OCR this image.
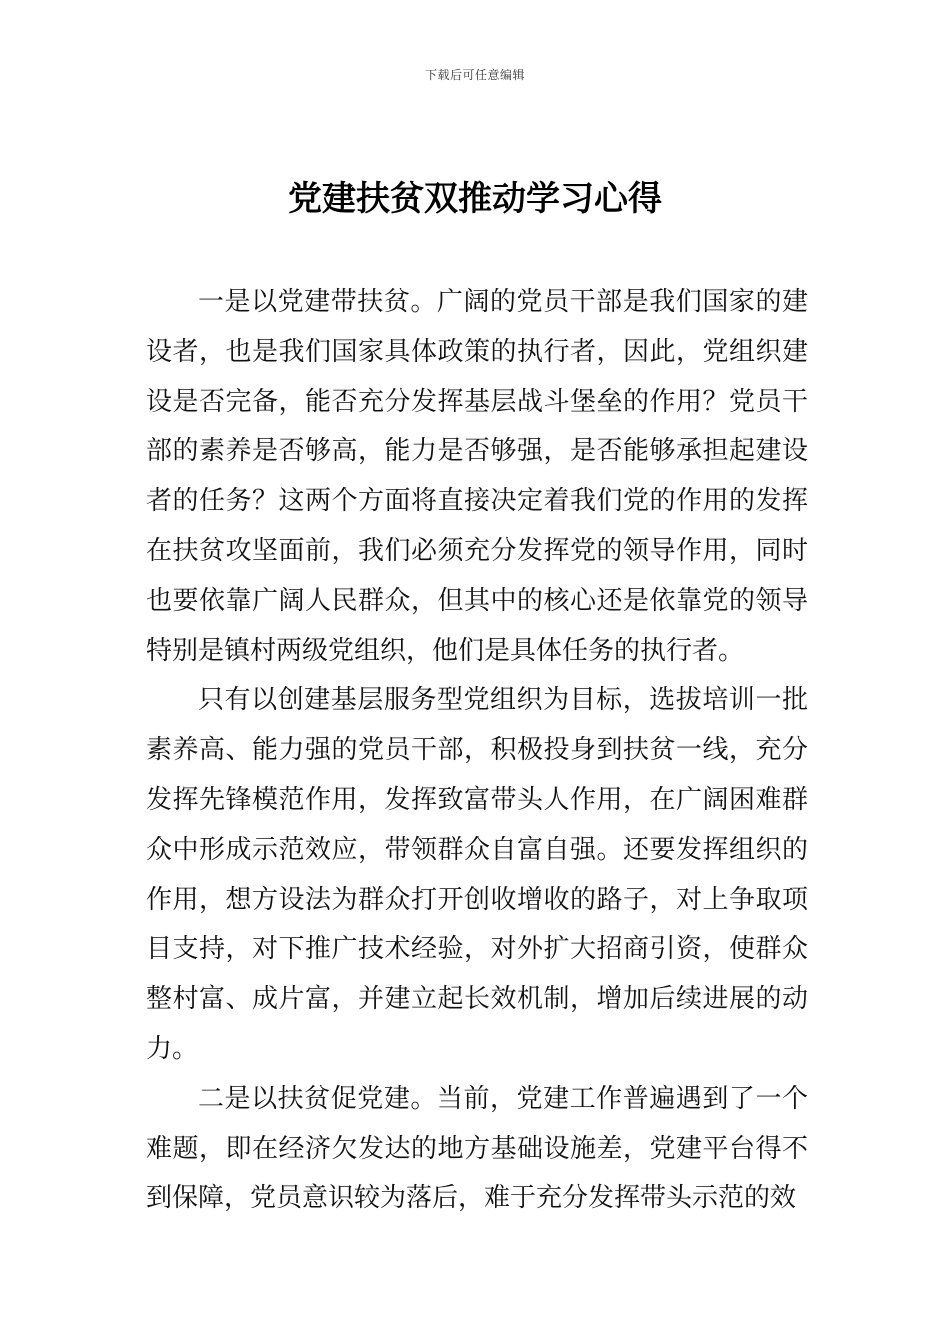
下载后可任意编辑
党建扶贫双推动学习心得

一是以党建带扶贫。广阔的党员干部是我们国家的建设者，也是我们国家具体政策的执行者，因此，党组织建设是否完备，能否充分发挥基层战斗堡垒的作用？党员干部的素养是否够高，能力是否够强，是否能够承担起建设者的任务？这两个方面将直接决定着我们党的作用的发挥在扶贫攻坚面前，我们必须充分发挥党的领导作用，同时也要依靠广阔人民群众，但其中的核心还是依靠党的领导特别是镇村两级党组织，他们是具体任务的执行者。

只有以创建基层服务型党组织为目标，选拔培训一批素养高、能力强的党员干部，积极投身到扶贫一线，充分发挥先锋模范作用，发挥致富带头人作用，在广阔困难群众中形成示范效应，带领群众自富自强。还要发挥组织的作用，想方设法为群众打开创收增收的路子，对上争取项目支持，对下推广技术经验，对外扩大招商引资，使群众整村富、成片富，并建立起长效机制，增加后续进展的动力。

二是以扶贫促党建。当前，党建工作普遍遇到了一个难题，即在经济欠发达的地方基础设施差，党建平台得不到保障，党员意识较为落后，难于充分发挥带头示范的效
